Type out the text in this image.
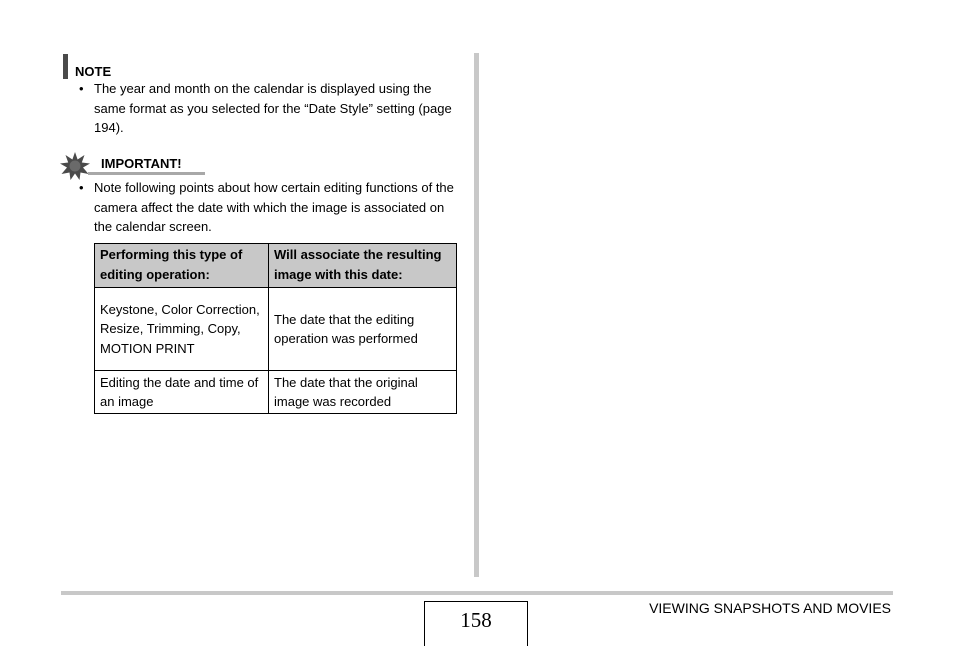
NOTE
• The year and month on the calendar is displayed using the same format as you selected for the “Date Style” setting (page 194).
IMPORTANT!
• Note following points about how certain editing functions of the camera affect the date with which the image is associated on the calendar screen.
Performing this type of editing operation:	Will associate the resulting image with this date:
Keystone, Color Correction, Resize, Trimming, Copy, MOTION PRINT	The date that the editing operation was performed
Editing the date and time of an image	The date that the original image was recorded
158	VIEWING SNAPSHOTS AND MOVIES
